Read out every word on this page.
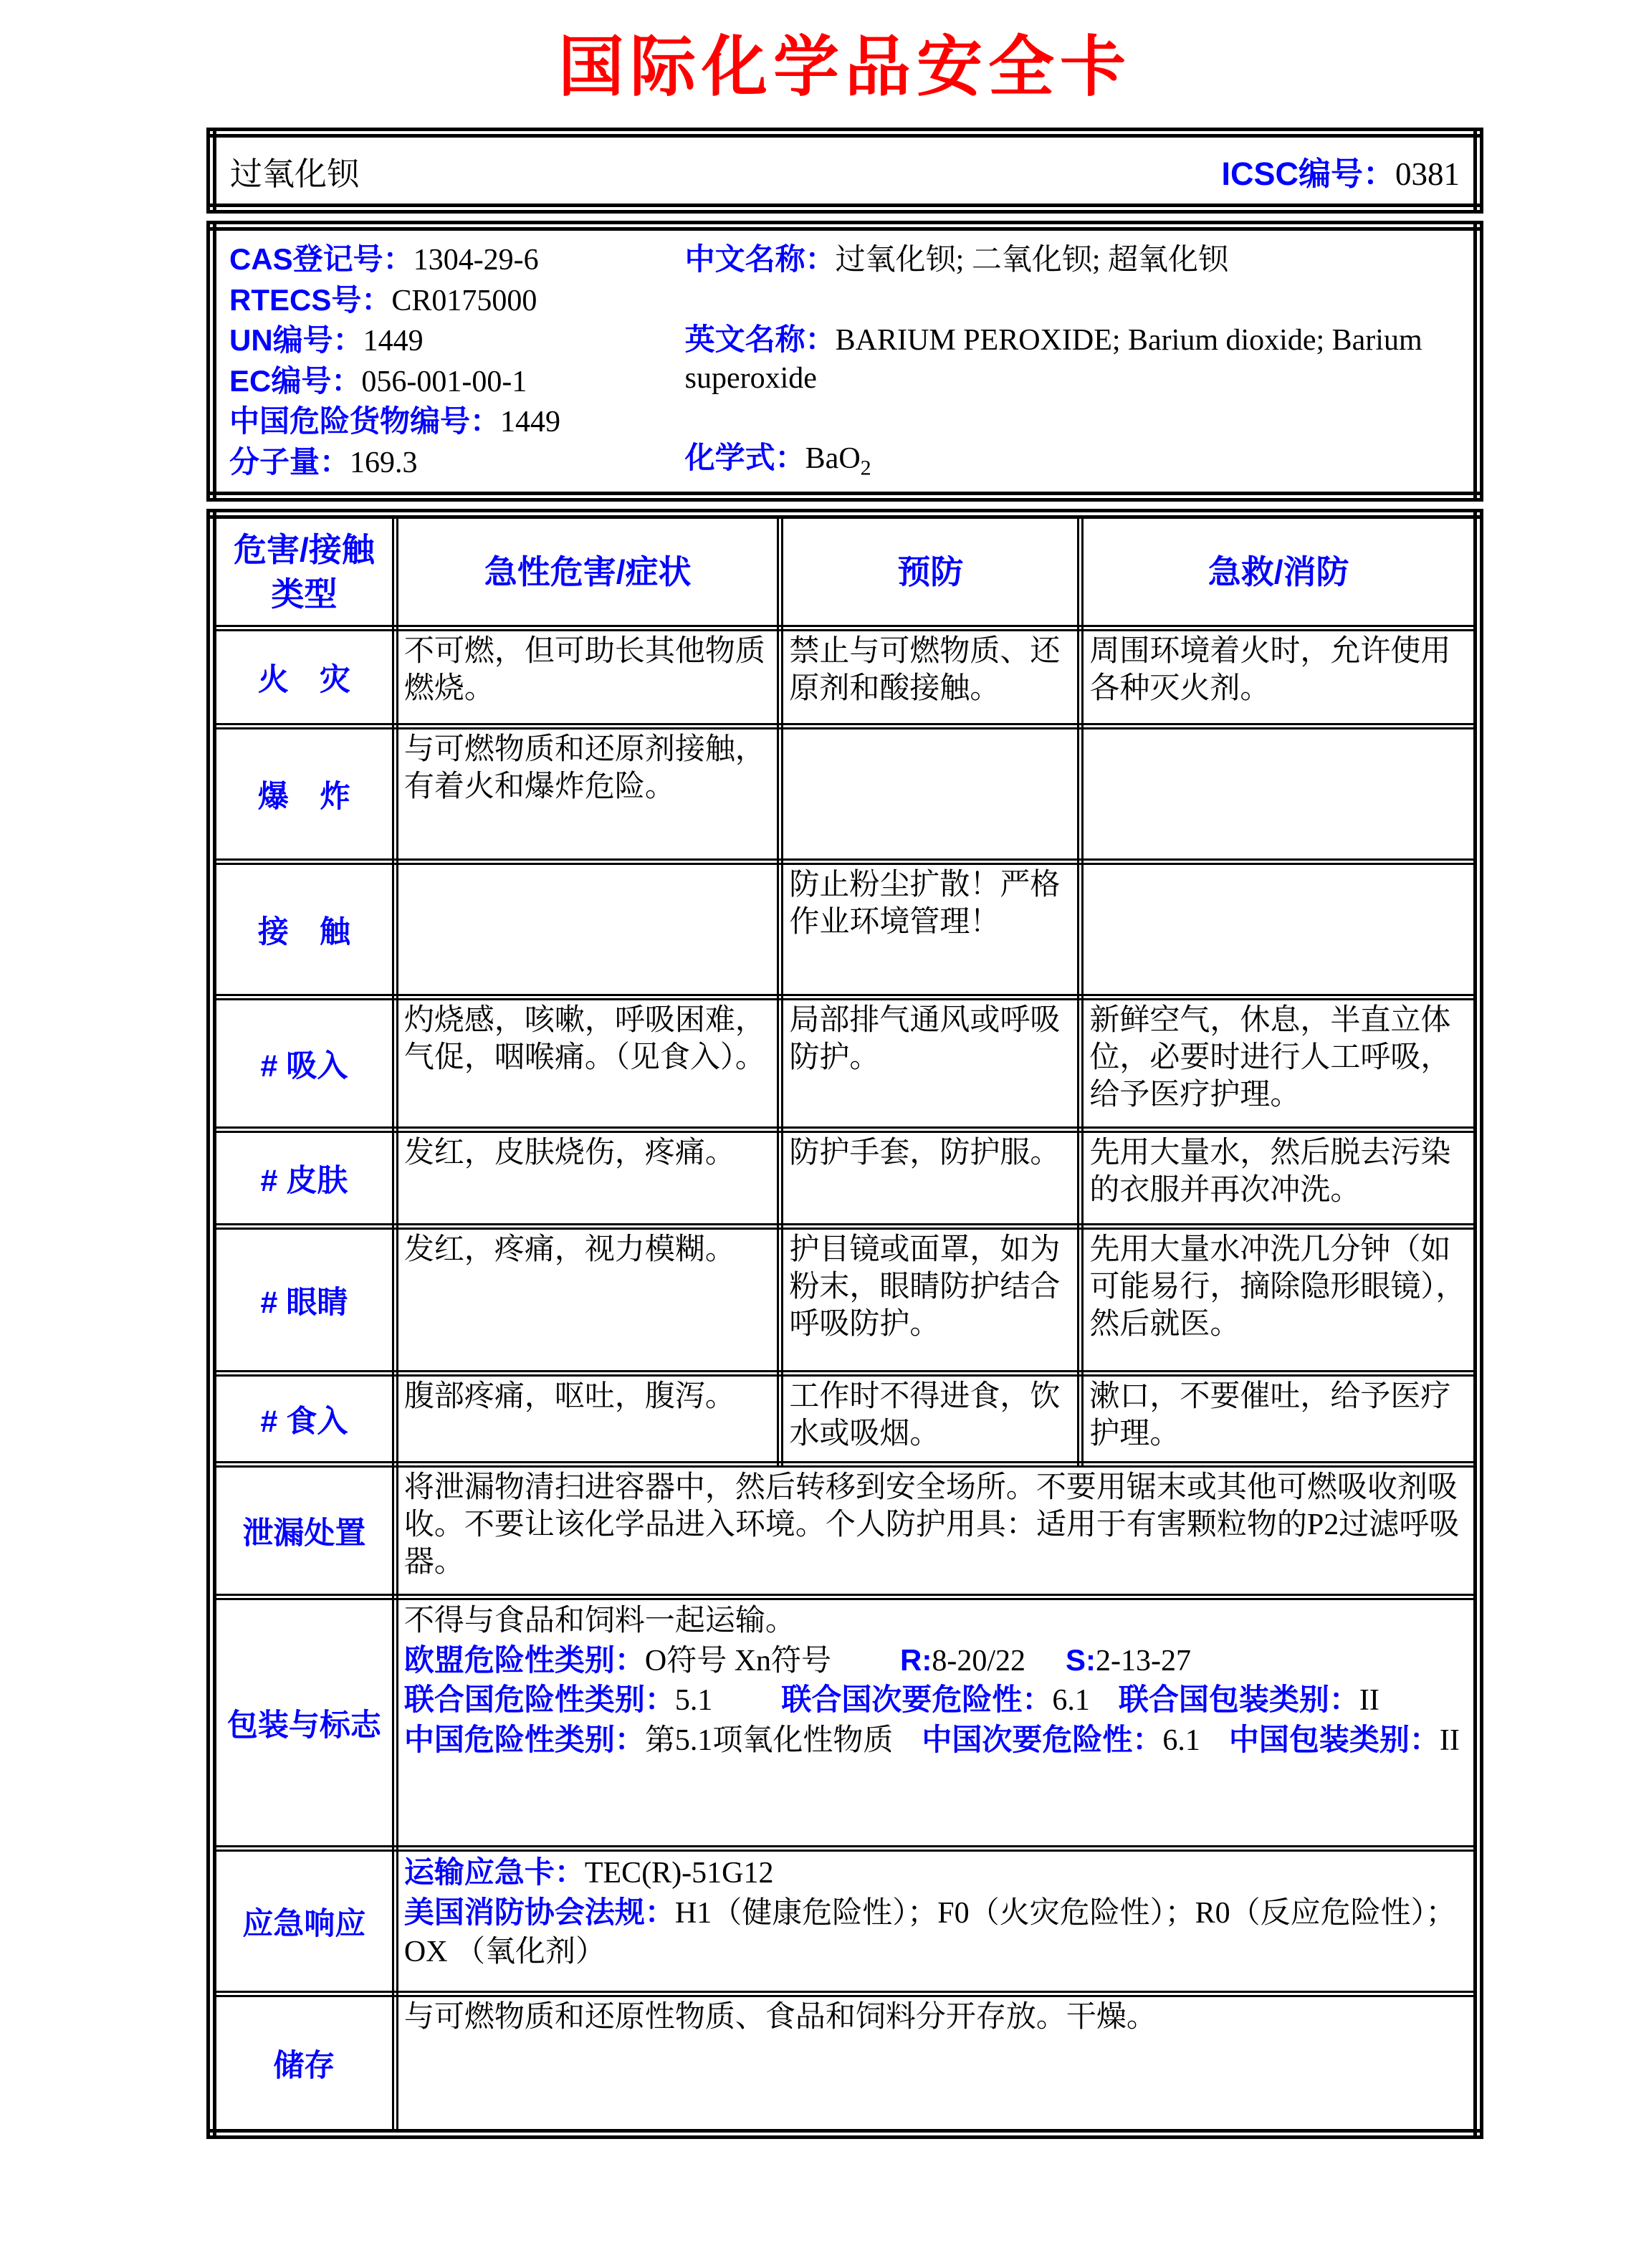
国际化学品安全卡
过氧化钡	ICSC编号：0381
CAS登记号：1304-29-6
RTECS号：CR0175000
UN编号：1449
EC编号：056-001-00-1
中国危险货物编号：1449
分子量：169.3
中文名称：过氧化钡; 二氧化钡; 超氧化钡
英文名称：BARIUM PEROXIDE; Barium dioxide; Barium superoxide
化学式：BaO$_2$
危害/接触类型	急性危害/症状	预防	急救/消防
火　灾	不可燃，但可助长其他物质燃烧。	禁止与可燃物质、还原剂和酸接触。	周围环境着火时，允许使用各种灭火剂。
爆　炸	与可燃物质和还原剂接触，有着火和爆炸危险。		
接　触		防止粉尘扩散！严格作业环境管理！	
# 吸入	灼烧感，咳嗽，呼吸困难，气促，咽喉痛。（见食入）。	局部排气通风或呼吸防护。	新鲜空气，休息，半直立体位，必要时进行人工呼吸，给予医疗护理。
# 皮肤	发红，皮肤烧伤，疼痛。	防护手套，防护服。	先用大量水，然后脱去污染的衣服并再次冲洗。
# 眼睛	发红，疼痛，视力模糊。	护目镜或面罩，如为粉末，眼睛防护结合呼吸防护。	先用大量水冲洗几分钟（如可能易行，摘除隐形眼镜），然后就医。
# 食入	腹部疼痛，呕吐，腹泻。	工作时不得进食，饮水或吸烟。	漱口，不要催吐，给予医疗护理。
泄漏处置	将泄漏物清扫进容器中，然后转移到安全场所。不要用锯末或其他可燃吸收剂吸收。不要让该化学品进入环境。个人防护用具：适用于有害颗粒物的P2过滤呼吸器。		
包装与标志	不得与食品和饲料一起运输。
欧盟危险性类别：O符号 Xn符号 R:8-20/22 S:2-13-27
联合国危险性类别：5.1 联合国次要危险性：6.1 联合国包装类别：II
中国危险性类别：第5.1项氧化性物质 中国次要危险性：6.1 中国包装类别：II		

应急响应	运输应急卡：TEC(R)-51G12
美国消防协会法规：H1（健康危险性）；F0（火灾危险性）；R0（反应危险性）；OX （氧化剂）		

储存	与可燃物质和还原性物质、食品和饲料分开存放。干燥。		
